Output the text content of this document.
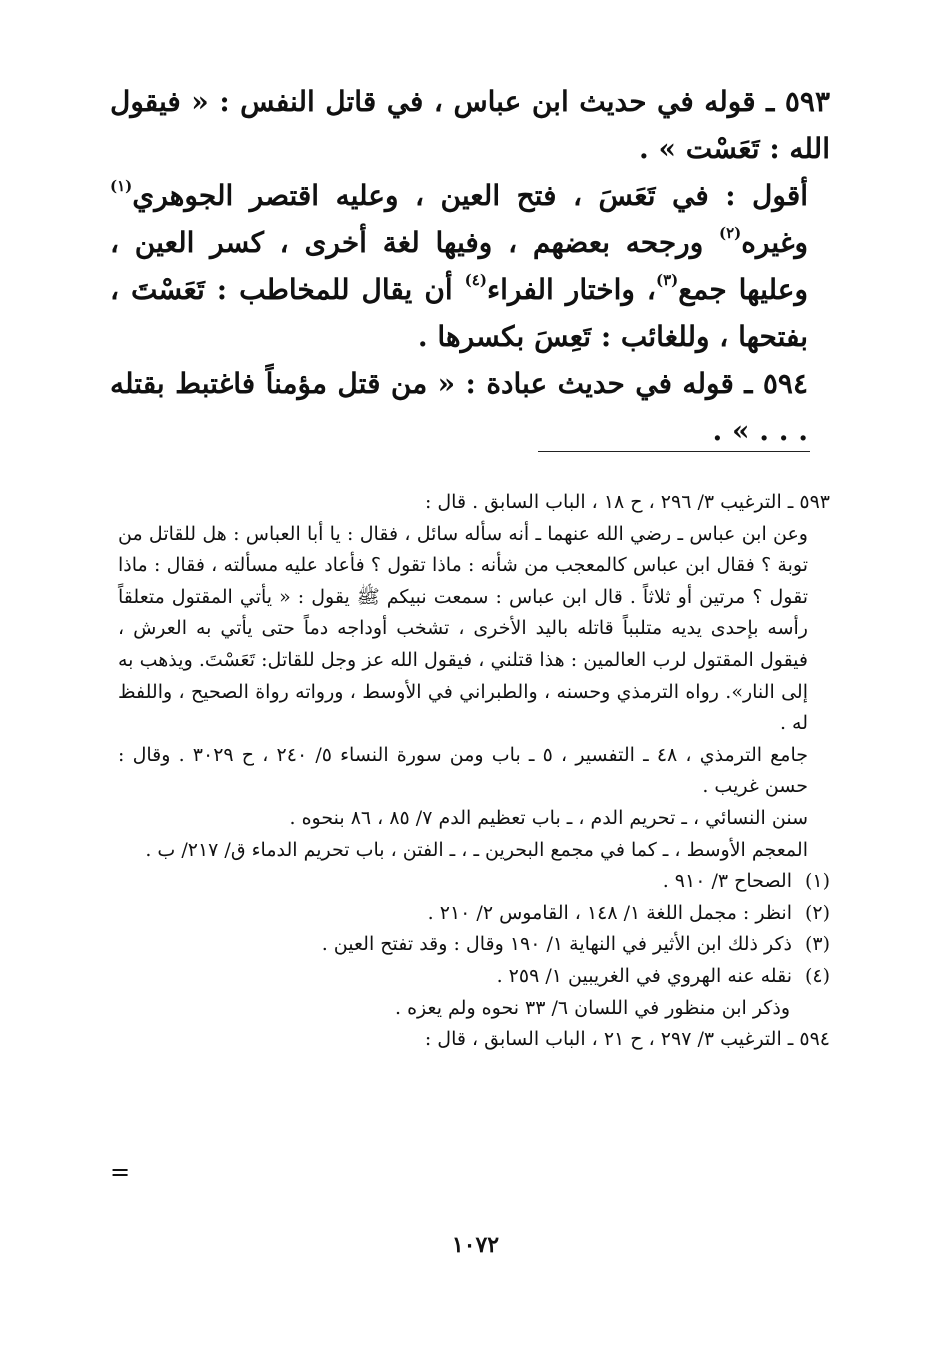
٥٩٣ ـ قوله في حديث ابن عباس ، في قاتل النفس : « فيقول الله : تَعَسْت » .

أقول : في تَعَسَ ، فتح العين ، وعليه اقتصر الجوهري$^{(١)}$ وغيره$^{(٢)}$ ورجحه بعضهم ، وفيها لغة أخرى ، كسر العين ، وعليها جمع$^{(٣)}$، واختار الفراء$^{(٤)}$ أن يقال للمخاطب : تَعَسْتَ ، بفتحها ، وللغائب : تَعِسَ بكسرها .

٥٩٤ ـ قوله في حديث عبادة : « من قتل مؤمناً فاغتبط بقتله . . . » .

٥٩٣ ـ الترغيب ٣/ ٢٩٦ ، ح ١٨ ، الباب السابق . قال :

وعن ابن عباس ـ رضي الله عنهما ـ أنه سأله سائل ، فقال : يا أبا العباس : هل للقاتل من توبة ؟ فقال ابن عباس كالمعجب من شأنه : ماذا تقول ؟ فأعاد عليه مسألته ، فقال : ماذا تقول ؟ مرتين أو ثلاثاً . قال ابن عباس : سمعت نبيكم ﷺ يقول : « يأتي المقتول متعلقاً رأسه بإحدى يديه متلبباً قاتله باليد الأخرى ، تشخب أوداجه دماً حتى يأتي به العرش ، فيقول المقتول لرب العالمين : هذا قتلني ، فيقول الله عز وجل للقاتل: تَعَسْتَ. ويذهب به إلى النار». رواه الترمذي وحسنه ، والطبراني في الأوسط ، ورواته رواة الصحيح ، واللفظ له .

جامع الترمذي ، ٤٨ ـ التفسير ، ٥ ـ باب ومن سورة النساء ٥/ ٢٤٠ ، ح ٣٠٢٩ . وقال : حسن غريب .

سنن النسائي ، ـ تحريم الدم ، ـ باب تعظيم الدم ٧/ ٨٥ ، ٨٦ بنحوه .

المعجم الأوسط ، ـ كما في مجمع البحرين ـ ، ـ الفتن ، باب تحريم الدماء ق/ ٢١٧/ ب .

(١)الصحاح ٣/ ٩١٠ .
(٢)انظر : مجمل اللغة ١/ ١٤٨ ، القاموس ٢/ ٢١٠ .
(٣)ذكر ذلك ابن الأثير في النهاية ١/ ١٩٠ وقال : وقد تفتح العين .
(٤)نقله عنه الهروي في الغريبين ١/ ٢٥٩ .

وذكر ابن منظور في اللسان ٦/ ٣٣ نحوه ولم يعزه .

٥٩٤ ـ الترغيب ٣/ ٢٩٧ ، ح ٢١ ، الباب السابق ، قال :

=
١٠٧٢
